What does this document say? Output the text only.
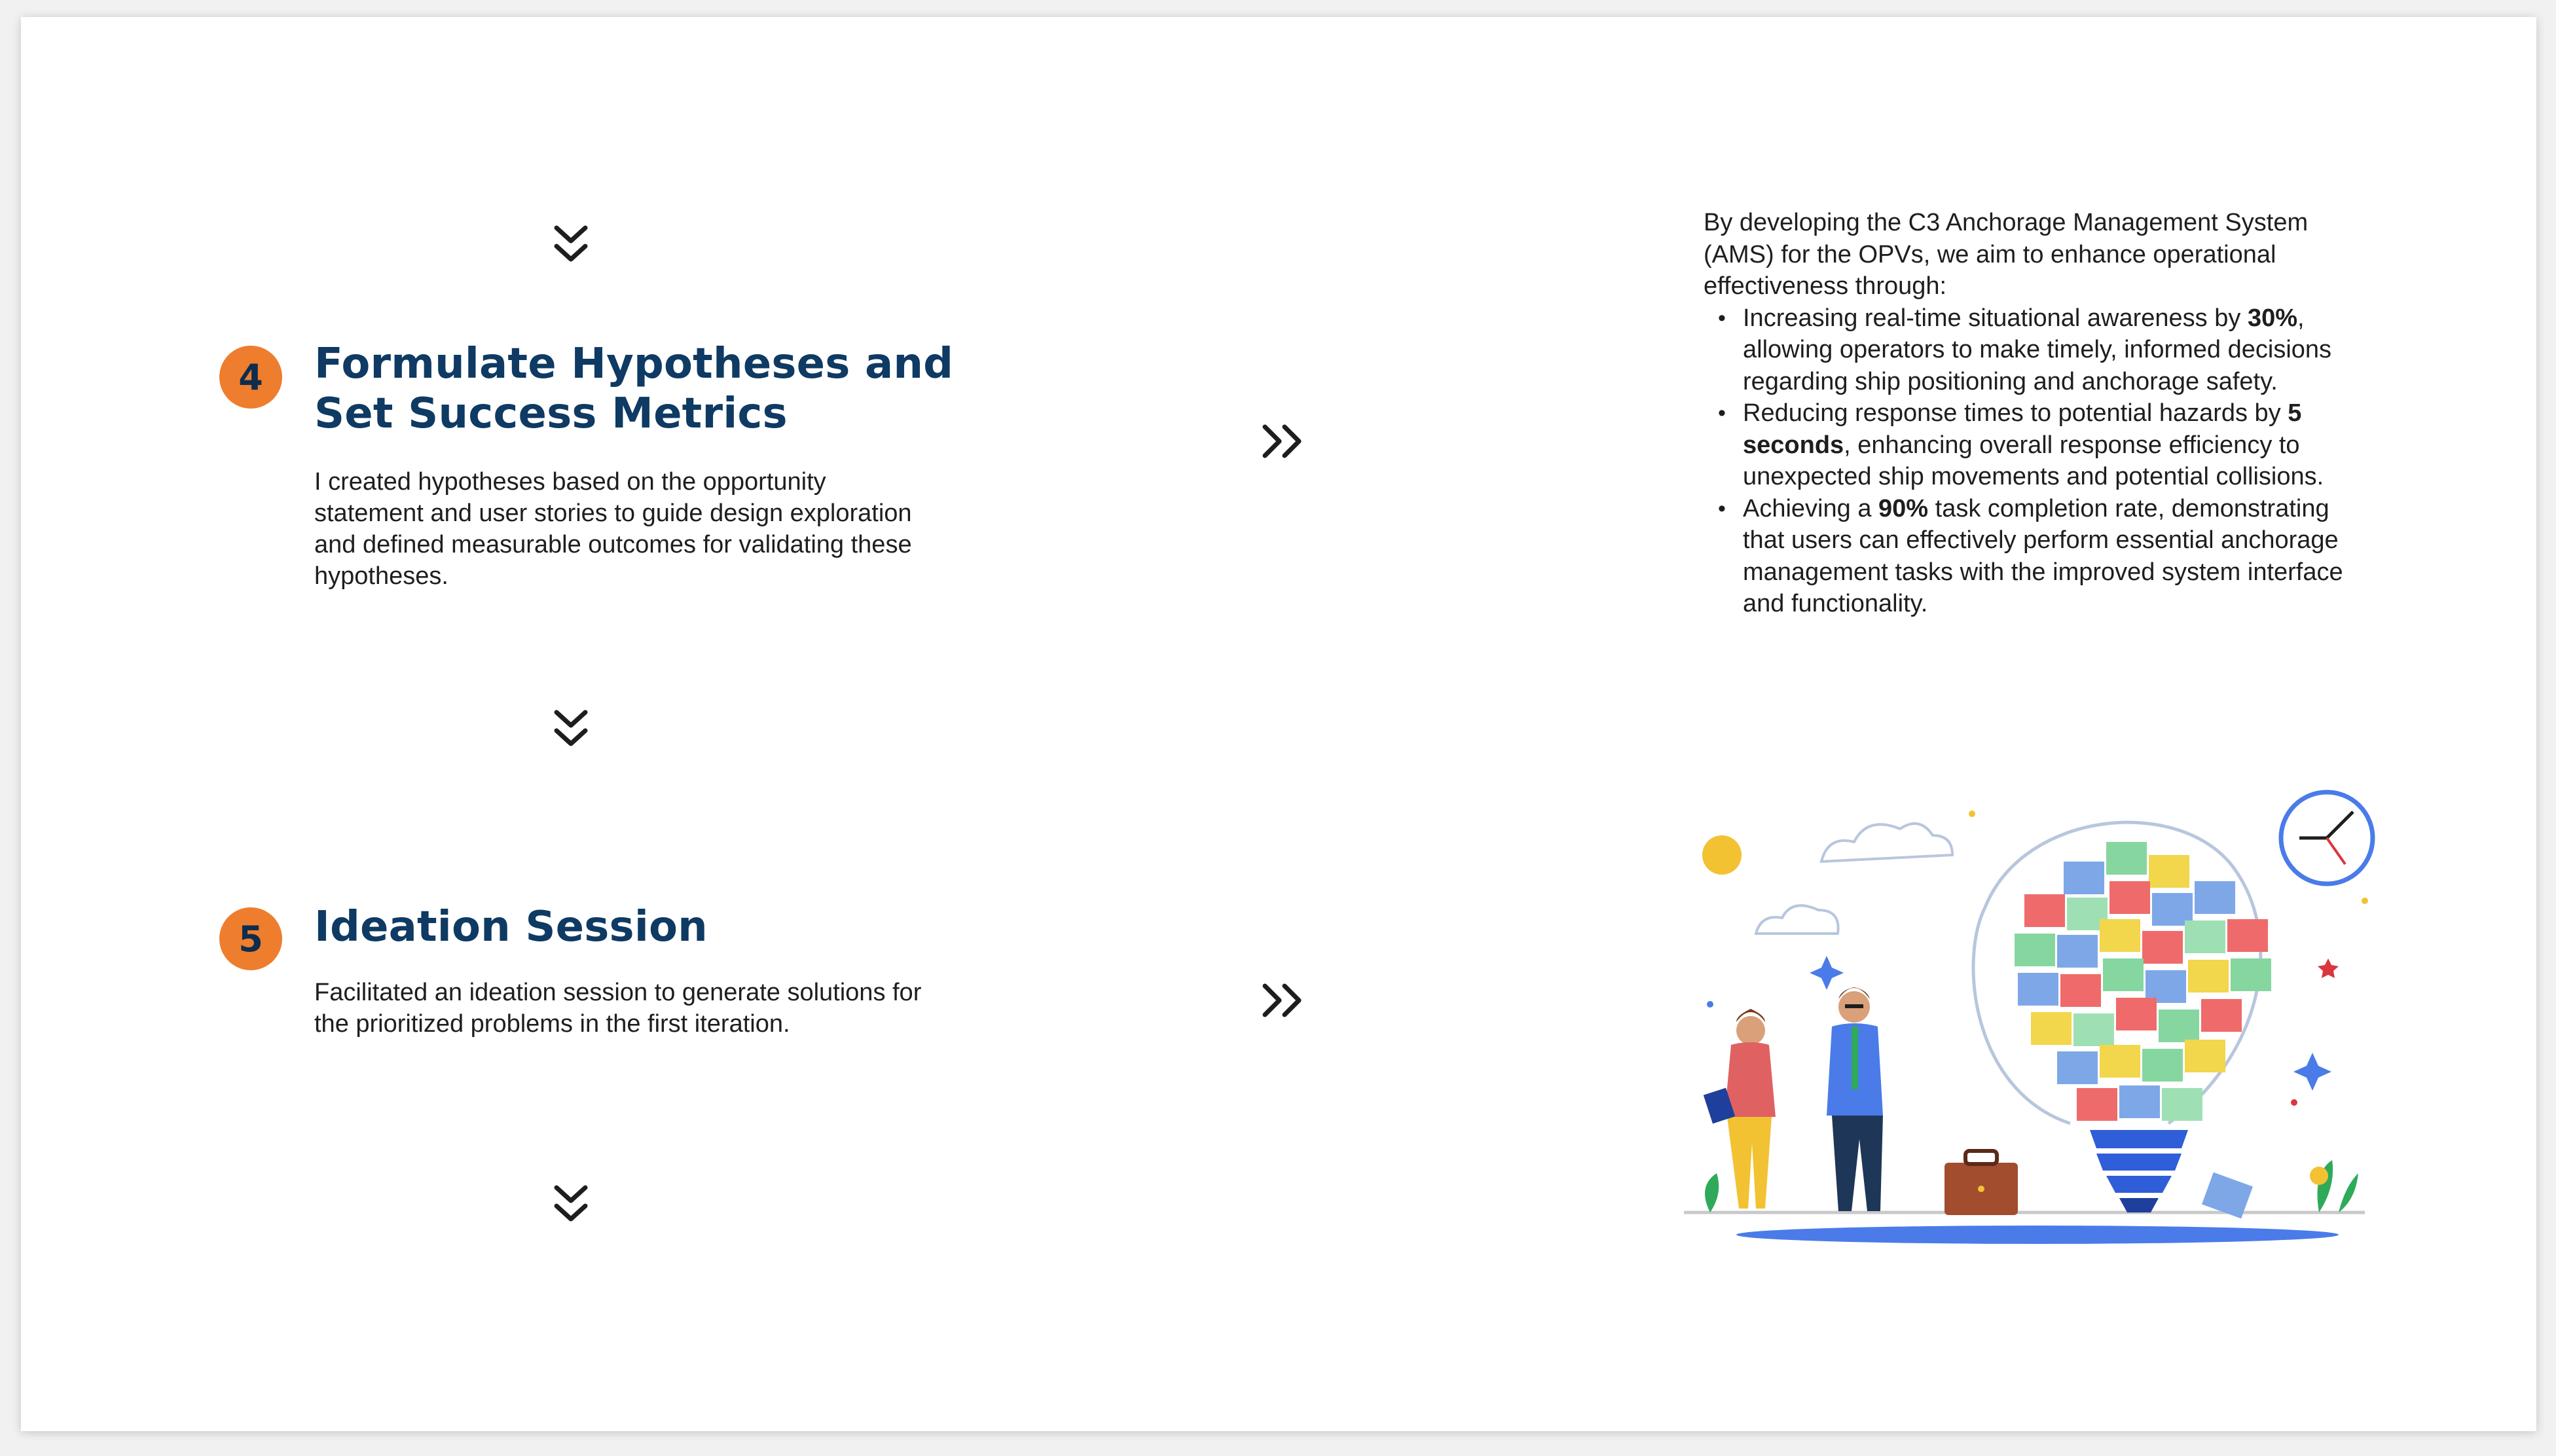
4	Formulate Hypotheses and
Set Success Metrics

I created hypotheses based on the opportunity statement and user stories to guide design exploration and defined measurable outcomes for validating these hypotheses.

5	Ideation Session

Facilitated an ideation session to generate solutions for the prioritized problems in the first iteration.

By developing the C3 Anchorage Management System (AMS) for the OPVs, we aim to enhance operational effectiveness through:

• Increasing real-time situational awareness by 30%, allowing operators to make timely, informed decisions regarding ship positioning and anchorage safety.
• Reducing response times to potential hazards by 5 seconds, enhancing overall response efficiency to unexpected ship movements and potential collisions.
• Achieving a 90% task completion rate, demonstrating that users can effectively perform essential anchorage management tasks with the improved system interface and functionality.
